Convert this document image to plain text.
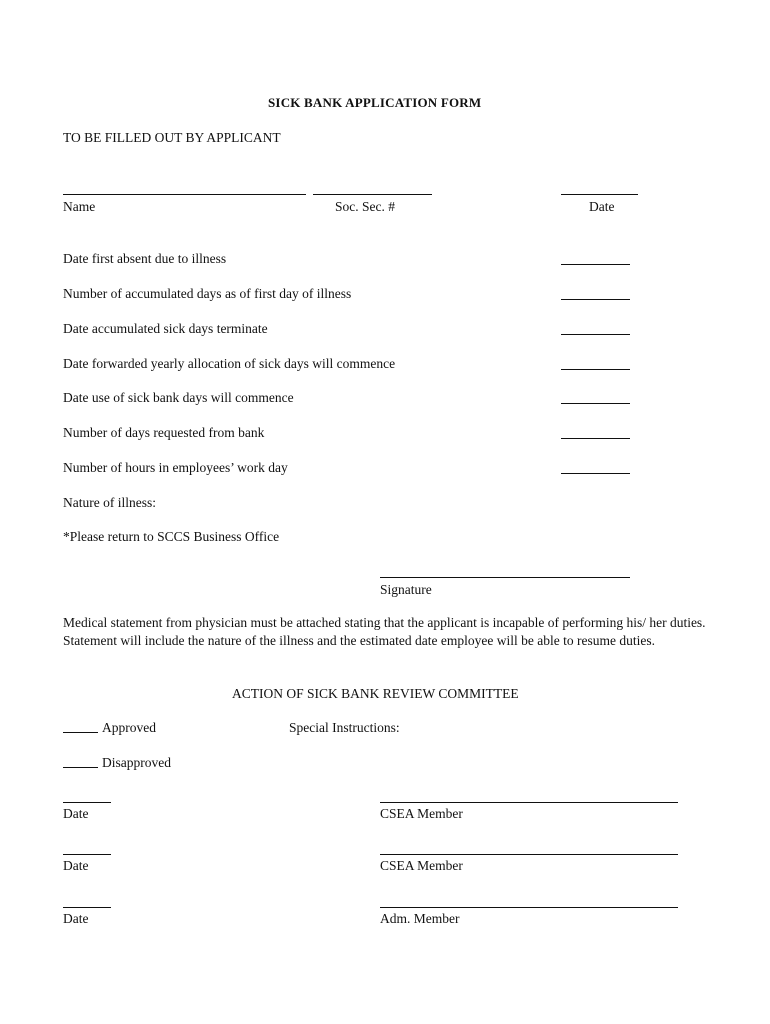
SICK BANK APPLICATION FORM
TO BE FILLED OUT BY APPLICANT
Name	Soc. Sec. #	Date
Date first absent due to illness
Number of accumulated days as of first day of illness
Date accumulated sick days terminate
Date forwarded yearly allocation of sick days will commence
Date use of sick bank days will commence
Number of days requested from bank
Number of hours in employees’ work day
Nature of illness:
*Please return to SCCS Business Office
Signature
Medical statement from physician must be attached stating that the applicant is incapable of performing his/ her duties. Statement will include the nature of the illness and the estimated date employee will be able to resume duties.
ACTION OF SICK BANK REVIEW COMMITTEE
Approved	Special Instructions:
Disapproved
Date	CSEA Member
Date	CSEA Member
Date	Adm. Member
